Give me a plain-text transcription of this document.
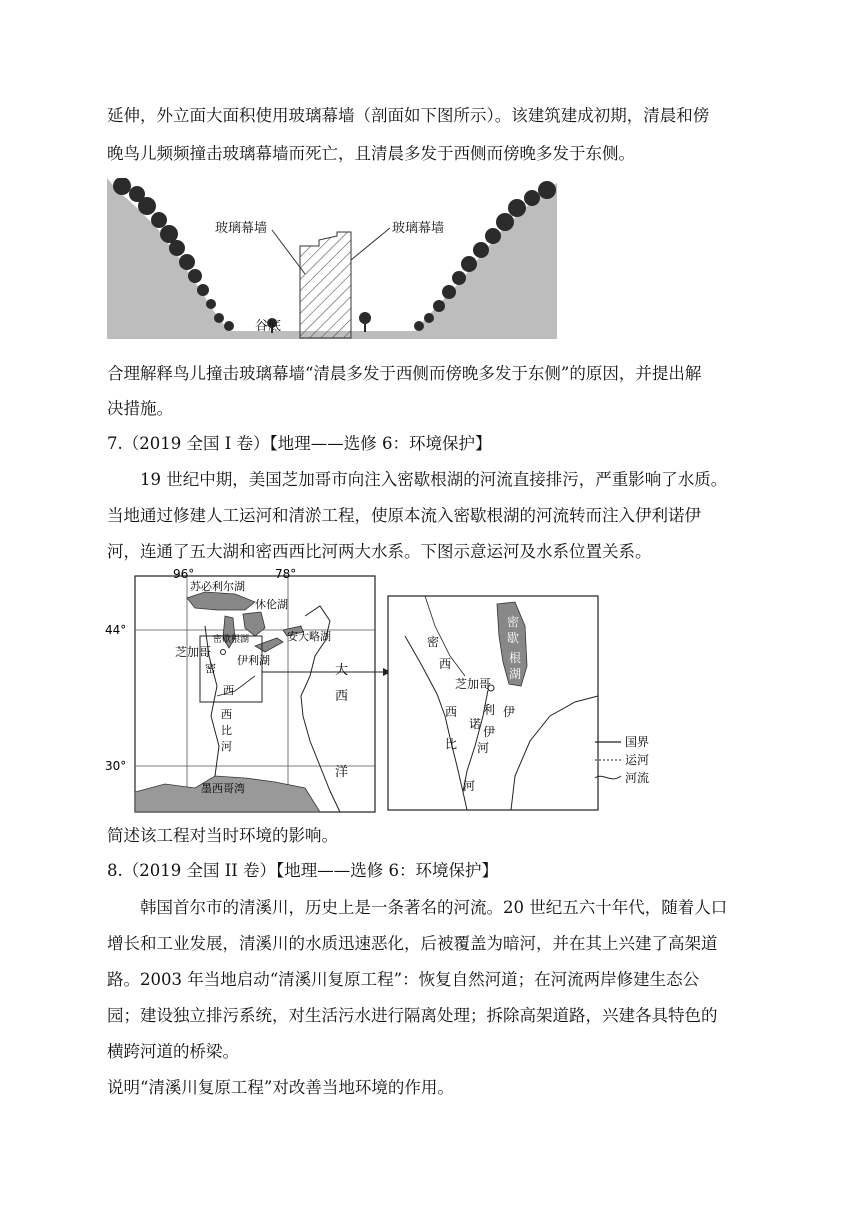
延伸，外立面大面积使用玻璃幕墙（剖面如下图所示）。该建筑建成初期，清晨和傍

晚鸟儿频频撞击玻璃幕墙而死亡，且清晨多发于西侧而傍晚多发于东侧。

玻璃幕墙	玻璃幕墙
谷底

合理解释鸟儿撞击玻璃幕墙“清晨多发于西侧而傍晚多发于东侧”的原因，并提出解

决措施。

7.（2019 全国 I 卷）【地理——选修 6：环境保护】

19 世纪中期，美国芝加哥市向注入密歇根湖的河流直接排污，严重影响了水质。

当地通过修建人工运河和清淤工程，使原本流入密歇根湖的河流转而注入伊利诺伊

河，连通了五大湖和密西西比河两大水系。下图示意运河及水系位置关系。

96°	78°
44°
30°
苏必利尔湖
休伦湖
密歇根湖	安大略湖
伊利湖
芝加哥
密
西
西
比
河
大
西
洋
墨西哥湾
密
歇
根
湖
芝加哥
密
西
西
比
河
伊
利
诺
伊
河	国界
运河
河流

简述该工程对当时环境的影响。

8.（2019 全国 II 卷）【地理——选修 6：环境保护】

韩国首尔市的清溪川，历史上是一条著名的河流。20 世纪五六十年代，随着人口

增长和工业发展，清溪川的水质迅速恶化，后被覆盖为暗河，并在其上兴建了高架道

路。2003 年当地启动“清溪川复原工程”：恢复自然河道；在河流两岸修建生态公

园；建设独立排污系统，对生活污水进行隔离处理；拆除高架道路，兴建各具特色的

横跨河道的桥梁。

说明“清溪川复原工程”对改善当地环境的作用。
